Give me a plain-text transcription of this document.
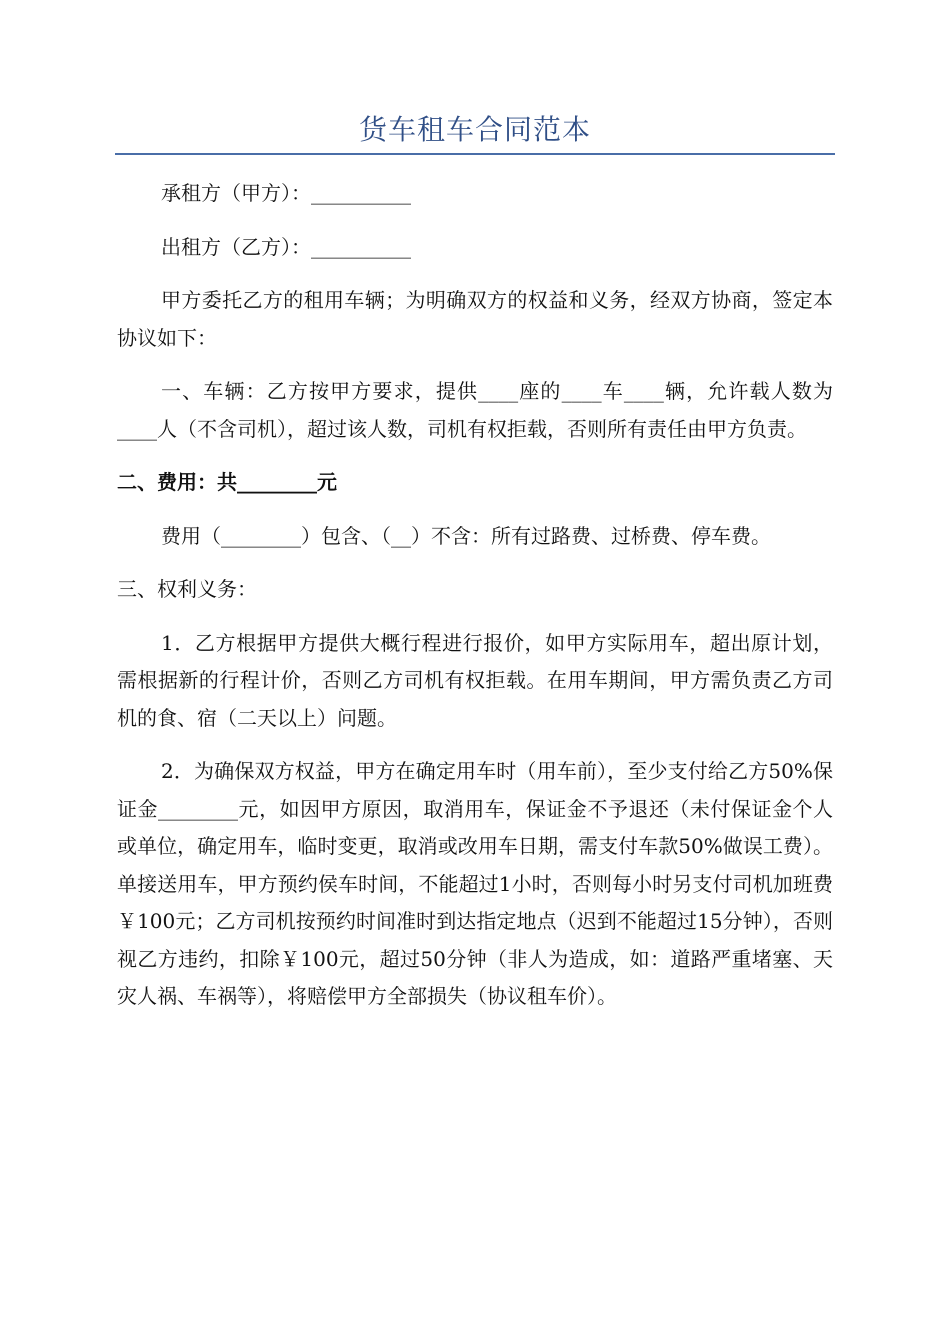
货车租车合同范本

承租方（甲方）：__________

出租方（乙方）：__________

甲方委托乙方的租用车辆；为明确双方的权益和义务，经双方协商，签定本协议如下：

一、车辆：乙方按甲方要求，提供____座的____车____辆，允许载人数为____人（不含司机），超过该人数，司机有权拒载，否则所有责任由甲方负责。

二、费用：共________元

费用（________）包含、（__）不含：所有过路费、过桥费、停车费。

三、权利义务：

1．乙方根据甲方提供大概行程进行报价，如甲方实际用车，超出原计划，需根据新的行程计价，否则乙方司机有权拒载。在用车期间，甲方需负责乙方司机的食、宿（二天以上）问题。

2．为确保双方权益，甲方在确定用车时（用车前），至少支付给乙方50%保证金________元，如因甲方原因，取消用车，保证金不予退还（未付保证金个人或单位，确定用车，临时变更，取消或改用车日期，需支付车款50%做误工费）。单接送用车，甲方预约侯车时间，不能超过1小时，否则每小时另支付司机加班费￥100元；乙方司机按预约时间准时到达指定地点（迟到不能超过15分钟），否则视乙方违约，扣除￥100元，超过50分钟（非人为造成，如：道路严重堵塞、天灾人祸、车祸等），将赔偿甲方全部损失（协议租车价）。
